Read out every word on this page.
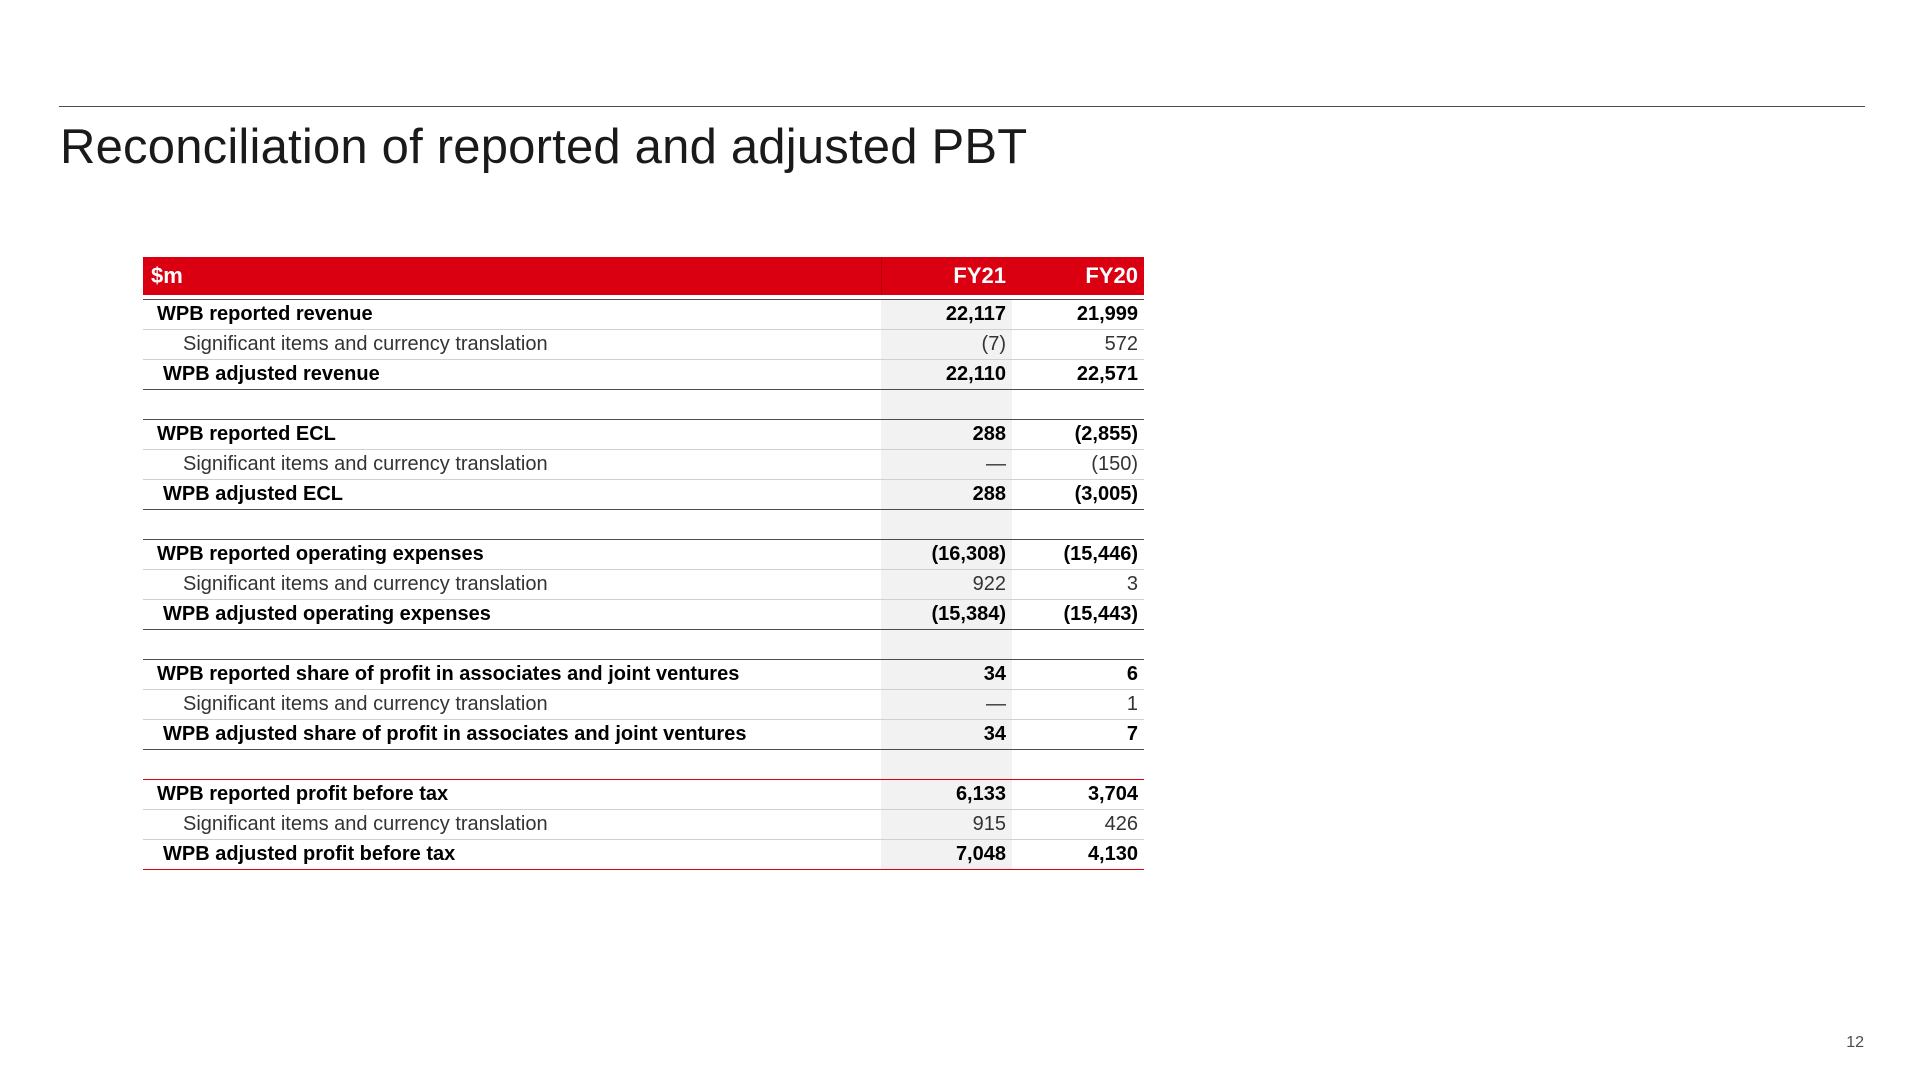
Reconciliation of reported and adjusted PBT
$m	FY21	FY20

WPB reported revenue	22,117	21,999
Significant items and currency translation	(7)	572
WPB adjusted revenue	22,110	22,571

WPB reported ECL	288	(2,855)
Significant items and currency translation	—	(150)
WPB adjusted ECL	288	(3,005)

WPB reported operating expenses	(16,308)	(15,446)
Significant items and currency translation	922	3
WPB adjusted operating expenses	(15,384)	(15,443)

WPB reported share of profit in associates and joint ventures	34	6
Significant items and currency translation	—	1
WPB adjusted share of profit in associates and joint ventures	34	7

WPB reported profit before tax	6,133	3,704
Significant items and currency translation	915	426
WPB adjusted profit before tax	7,048	4,130
12
